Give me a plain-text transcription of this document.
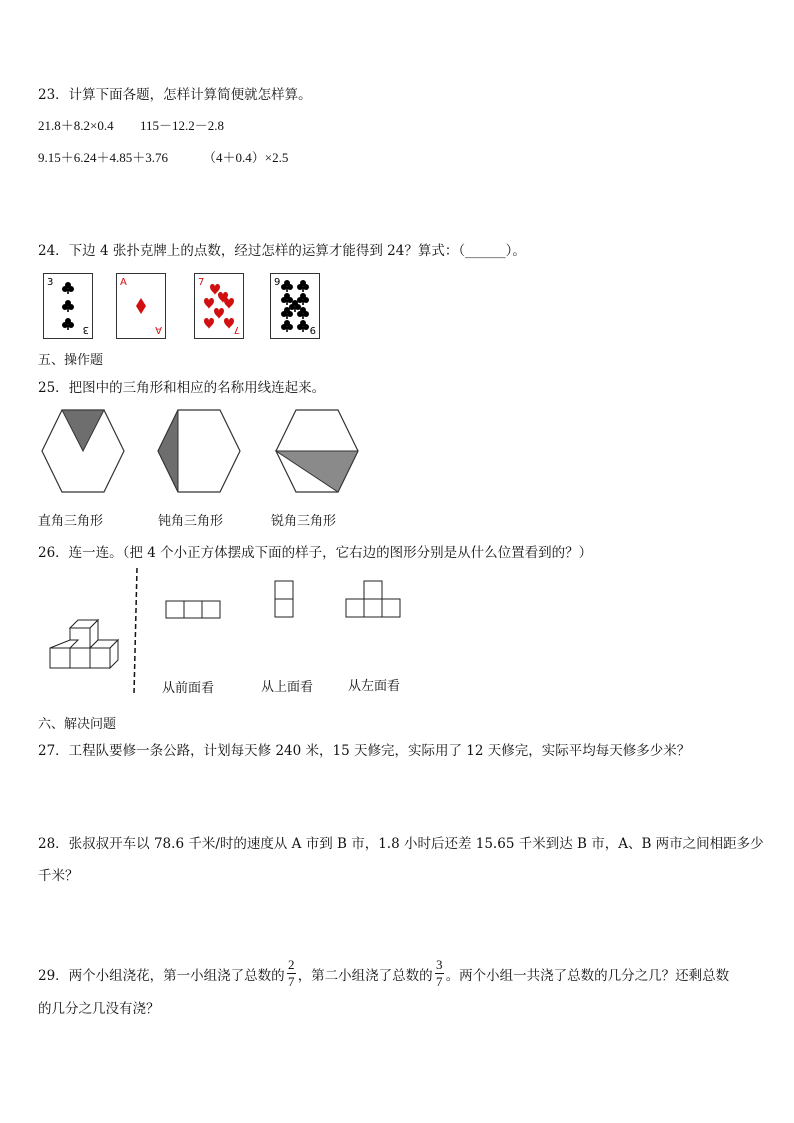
23．计算下面各题，怎样计算简便就怎样算。
21.8＋8.2×0.4 115－12.2－2.8
9.15＋6.24＋4.85＋3.76	（4＋0.4）×2.5
24．下边 4 张扑克牌上的点数，经过怎样的运算才能得到 24？算式：（______）。
3
3
A
A
7
7
9
9
五、操作题
25．把图中的三角形和相应的名称用线连起来。
直角三角形	钝角三角形	锐角三角形
26．连一连。（把 4 个小正方体摆成下面的样子，它右边的图形分别是从什么位置看到的？）
从前面看	从上面看	从左面看
六、解决问题
27．工程队要修一条公路，计划每天修 240 米，15 天修完，实际用了 12 天修完，实际平均每天修多少米？
28．张叔叔开车以 78.6 千米/时的速度从 A 市到 B 市，1.8 小时后还差 15.65 千米到达 B 市，A、B 两市之间相距多少
千米？
29．两个小组浇花，第一小组浇了总数的 $\frac{2}{7}$ ，第二小组浇了总数的 $\frac{3}{7}$ 。两个小组一共浇了总数的几分之几？还剩总数
的几分之几没有浇？
